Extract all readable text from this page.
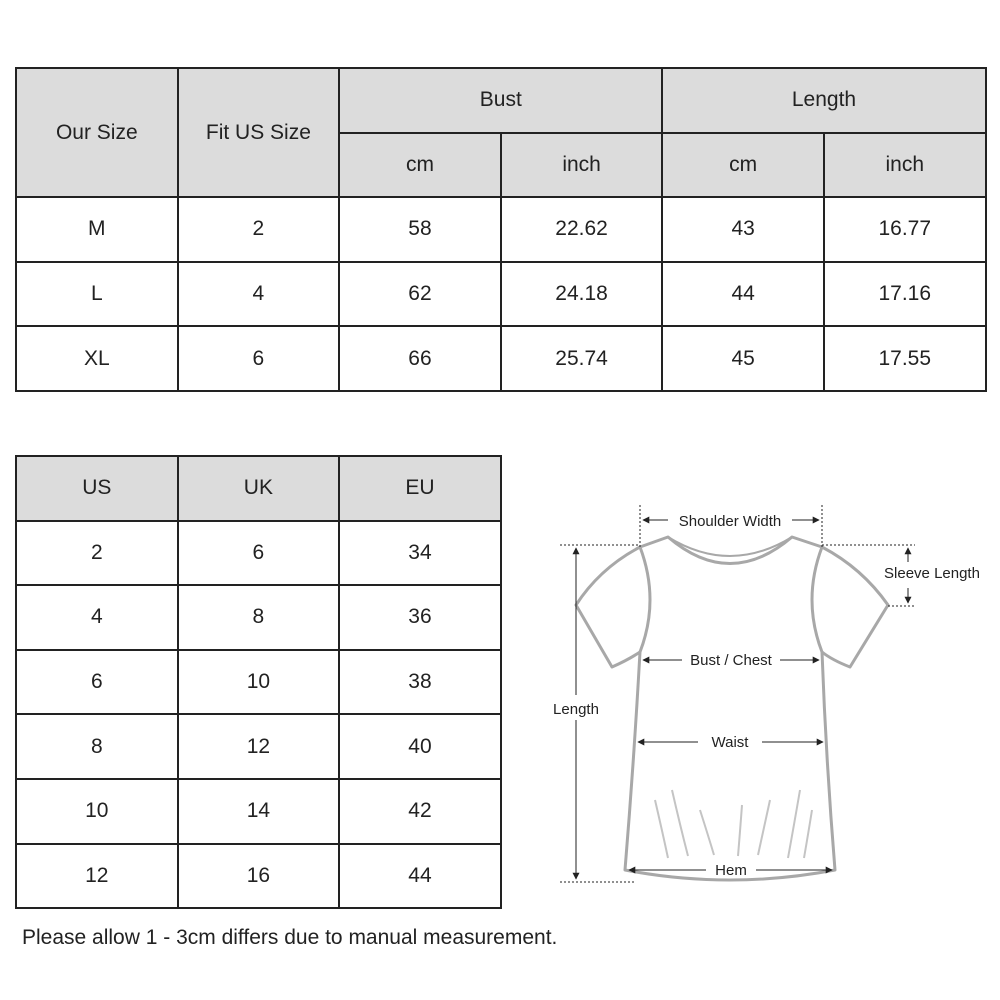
Our Size	Fit US Size	Bust		Length	
		cm	inch	cm	inch
M	2	58	22.62	43	16.77
L	4	62	24.18	44	17.16
XL	6	66	25.74	45	17.55
US	UK	EU
2	6	34
4	8	36
6	10	38
8	12	40
10	14	42
12	16	44
Shoulder Width
Sleeve Length
Bust / Chest
Length
Waist
Hem

Please allow 1 - 3cm differs due to manual measurement.
